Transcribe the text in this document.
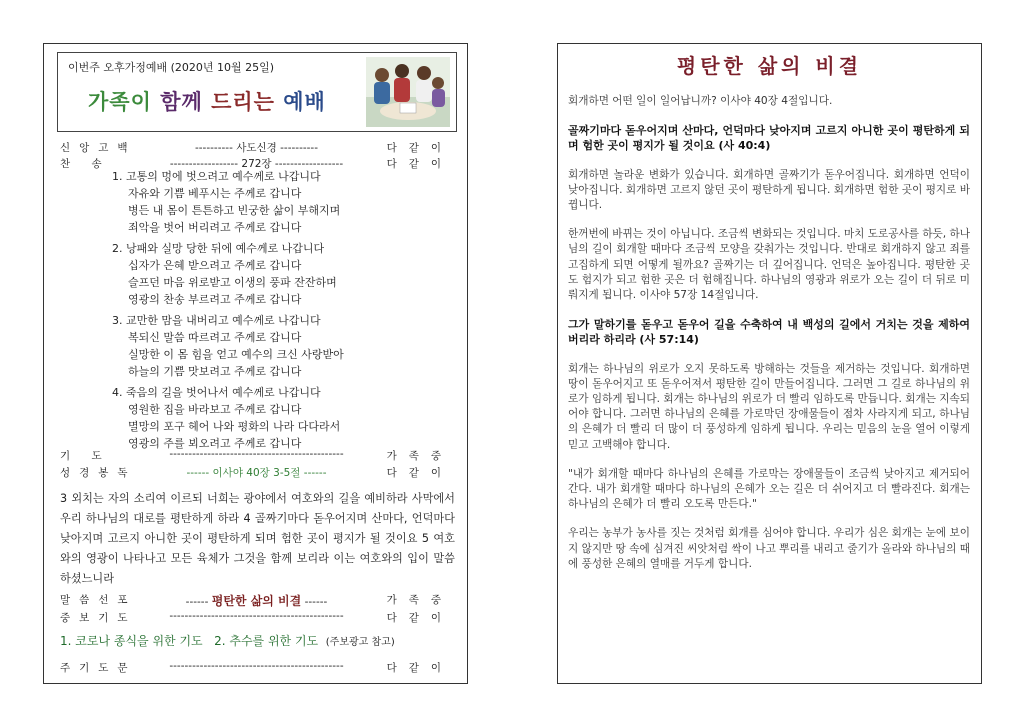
이번주 오후가정예배 (2020년 10월 25일)
가족이 함께 드리는 예배
신앙고백	---------- 사도신경 ----------	다같이
찬 송	------------------ 272장 ------------------	다같이
1. 고통의 멍에 벗으려고 예수께로 나갑니다
자유와 기쁨 베푸시는 주께로 갑니다
병든 내 몸이 튼튼하고 빈궁한 삶이 부해지며
죄악을 벗어 버리려고 주께로 갑니다
2. 낭패와 실망 당한 뒤에 예수께로 나갑니다
십자가 은혜 받으려고 주께로 갑니다
슬프던 마음 위로받고 이생의 풍파 잔잔하며
영광의 찬송 부르려고 주께로 갑니다
3. 교만한 맘을 내버리고 예수께로 나갑니다
복되신 말씀 따르려고 주께로 갑니다
실망한 이 몸 힘을 얻고 예수의 크신 사랑받아
하늘의 기쁨 맛보려고 주께로 갑니다
4. 죽음의 길을 벗어나서 예수께로 나갑니다
영원한 집을 바라보고 주께로 갑니다
멸망의 포구 헤어 나와 평화의 나라 다다라서
영광의 주를 뵈오려고 주께로 갑니다
기 도	----------------------------------------------	가족중
성경봉독	------ 이사야 40장 3-5절 ------	다같이
3 외치는 자의 소리여 이르되 너희는 광야에서 여호와의 길을 예비하라 사막에서 우리 하나님의 대로를 평탄하게 하라 4 골짜기마다 돋우어지며 산마다, 언덕마다 낮아지며 고르지 아니한 곳이 평탄하게 되며 험한 곳이 평지가 될 것이요 5 여호와의 영광이 나타나고 모든 육체가 그것을 함께 보리라 이는 여호와의 입이 말씀하셨느니라
말씀선포	------ 평탄한 삶의 비결 ------	가족중
중보기도	----------------------------------------------	다같이
1. 코로나 종식을 위한 기도 2. 추수를 위한 기도 (주보광고 참고)
주기도문	----------------------------------------------	다같이
평탄한 삶의 비결

회개하면 어떤 일이 일어납니까? 이사야 40장 4절입니다.

골짜기마다 돋우어지며 산마다, 언덕마다 낮아지며 고르지 아니한 곳이 평탄하게 되며 험한 곳이 평지가 될 것이요 (사 40:4)

회개하면 놀라운 변화가 있습니다. 회개하면 골짜기가 돋우어집니다. 회개하면 언덕이 낮아집니다. 회개하면 고르지 않던 곳이 평탄하게 됩니다. 회개하면 험한 곳이 평지로 바뀝니다.

한꺼번에 바뀌는 것이 아닙니다. 조금씩 변화되는 것입니다. 마치 도로공사를 하듯, 하나님의 길이 회개할 때마다 조금씩 모양을 갖춰가는 것입니다. 반대로 회개하지 않고 죄를 고집하게 되면 어떻게 될까요? 골짜기는 더 깊어집니다. 언덕은 높아집니다. 평탄한 곳도 험지가 되고 험한 곳은 더 험해집니다. 하나님의 영광과 위로가 오는 길이 더 뒤로 미뤄지게 됩니다. 이사야 57장 14절입니다.

그가 말하기를 돋우고 돋우어 길을 수축하여 내 백성의 길에서 거치는 것을 제하여 버리라 하리라 (사 57:14)

회개는 하나님의 위로가 오지 못하도록 방해하는 것들을 제거하는 것입니다. 회개하면 땅이 돋우어지고 또 돋우어져서 평탄한 길이 만들어집니다. 그러면 그 길로 하나님의 위로가 임하게 됩니다. 회개는 하나님의 위로가 더 빨리 임하도록 만듭니다. 회개는 지속되어야 합니다. 그러면 하나님의 은혜를 가로막던 장애물들이 점차 사라지게 되고, 하나님의 은혜가 더 빨리 더 많이 더 풍성하게 임하게 됩니다. 우리는 믿음의 눈을 열어 이렇게 믿고 고백해야 합니다.

"내가 회개할 때마다 하나님의 은혜를 가로막는 장애물들이 조금씩 낮아지고 제거되어 간다. 내가 회개할 때마다 하나님의 은혜가 오는 길은 더 쉬어지고 더 빨라진다. 회개는 하나님의 은혜가 더 빨리 오도록 만든다."

우리는 농부가 농사를 짓는 것처럼 회개를 심어야 합니다. 우리가 심은 회개는 눈에 보이지 않지만 땅 속에 심겨진 씨앗처럼 싹이 나고 뿌리를 내리고 줄기가 올라와 하나님의 때에 풍성한 은혜의 열매를 거두게 합니다.
